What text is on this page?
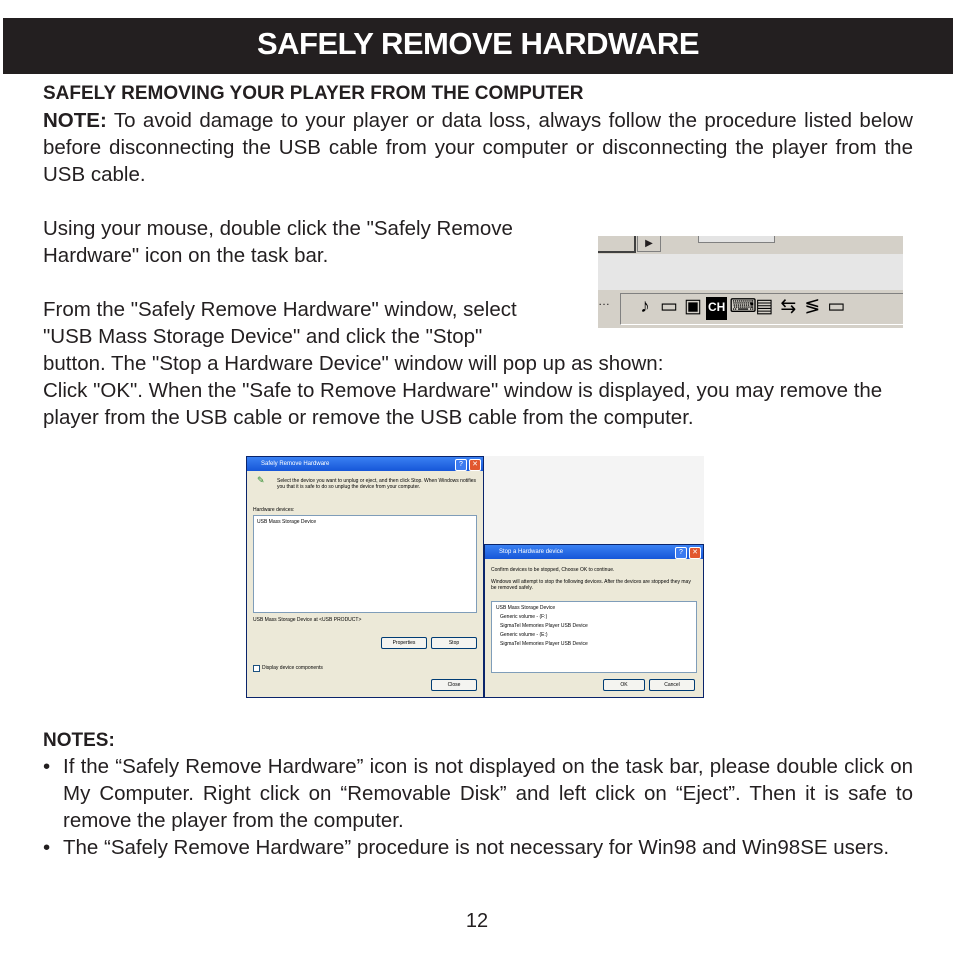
SAFELY REMOVE HARDWARE
SAFELY REMOVING YOUR PLAYER FROM THE COMPUTER
NOTE: To avoid damage to your player or data loss, always follow the procedure listed below before disconnecting the USB cable from your computer or disconnecting the player from the USB cable.
Using your mouse, double click the "Safely Remove Hardware" icon on the task bar.
From the "Safely Remove Hardware" window, select
"USB Mass Storage Device" and click the "Stop"
button. The "Stop a Hardware Device" window will pop up as shown:
Click "OK". When the "Safe to Remove Hardware" window is displayed, you may remove the player from the USB cable or remove the USB cable from the computer.
▶
…	♪ ▭ ▣ CH ⌨
▤ ⇆ ≶ ▭
Safely Remove Hardware	?	✕
✎ Select the device you want to unplug or eject, and then click Stop. When Windows notifies you that it is safe to do so unplug the device from your computer.
Hardware devices:
USB Mass Storage Device
USB Mass Storage Device at <USB PRODUCT>
Properties	Stop
Display device components
Close
Stop a Hardware device	?	✕
Confirm devices to be stopped, Choose OK to continue.
Windows will attempt to stop the following devices. After the devices are stopped they may be removed safely.
USB Mass Storage Device
Generic volume - (F:)
SigmaTel Memories Player USB Device
Generic volume - (E:)
SigmaTel Memories Player USB Device
OK	Cancel
NOTES:
• If the “Safely Remove Hardware” icon is not displayed on the task bar, please double click on My Computer. Right click on “Removable Disk” and left click on “Eject”. Then it is safe to remove the player from the computer.
• The “Safely Remove Hardware” procedure is not necessary for Win98 and Win98SE users.
12
